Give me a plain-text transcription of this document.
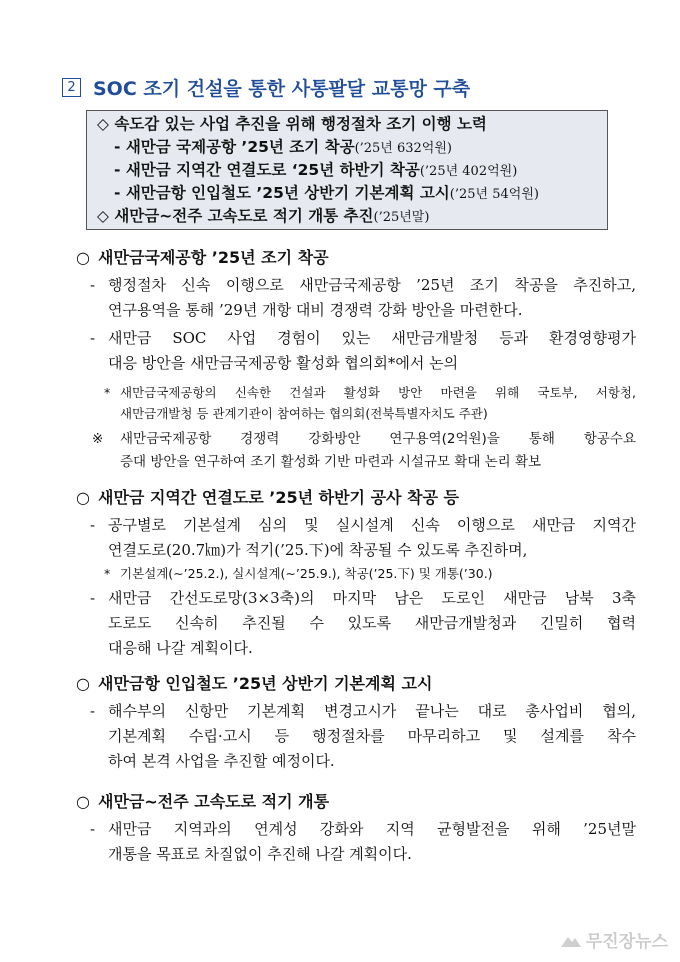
2 SOC 조기 건설을 통한 사통팔달 교통망 구축
◇ 속도감 있는 사업 추진을 위해 행정절차 조기 이행 노력
- 새만금 국제공항 ’25년 조기 착공(’25년 632억원)
- 새만금 지역간 연결도로 ‘25년 하반기 착공(’25년 402억원)
- 새만금항 인입철도 ’25년 상반기 기본계획 고시(’25년 54억원)
◇ 새만금~전주 고속도로 적기 개통 추진(’25년말)
○ 새만금국제공항 ’25년 조기 착공
- 행정절차 신속 이행으로 새만금국제공항 ’25년 조기 착공을 추진하고,
연구용역을 통해 ’29년 개항 대비 경쟁력 강화 방안을 마련한다.
- 새만금 SOC 사업 경험이 있는 새만금개발청 등과 환경영향평가
대응 방안을 새만금국제공항 활성화 협의회*에서 논의
* 새만금국제공항의 신속한 건설과 활성화 방안 마련을 위해 국토부, 서항청,
새만금개발청 등 관계기관이 참여하는 협의회(전북특별자치도 주관)
※ 새만금국제공항 경쟁력 강화방안 연구용역(2억원)을 통해 항공수요
증대 방안을 연구하여 조기 활성화 기반 마련과 시설규모 확대 논리 확보
○ 새만금 지역간 연결도로 ’25년 하반기 공사 착공 등
- 공구별로 기본설계 심의 및 실시설계 신속 이행으로 새만금 지역간
연결도로(20.7㎞)가 적기(’25.下)에 착공될 수 있도록 추진하며,
* 기본설계(∼’25.2.), 실시설계(∼’25.9.), 착공(’25.下) 및 개통(’30.)
- 새만금 간선도로망(3×3축)의 마지막 남은 도로인 새만금 남북 3축
도로도 신속히 추진될 수 있도록 새만금개발청과 긴밀히 협력
대응해 나갈 계획이다.
○ 새만금항 인입철도 ’25년 상반기 기본계획 고시
- 해수부의 신항만 기본계획 변경고시가 끝나는 대로 총사업비 협의,
기본계획 수립·고시 등 행정절차를 마무리하고 및 설계를 착수
하여 본격 사업을 추진할 예정이다.
○ 새만금~전주 고속도로 적기 개통
- 새만금 지역과의 연계성 강화와 지역 균형발전을 위해 ’25년말
개통을 목표로 차질없이 추진해 나갈 계획이다.
무진장뉴스
